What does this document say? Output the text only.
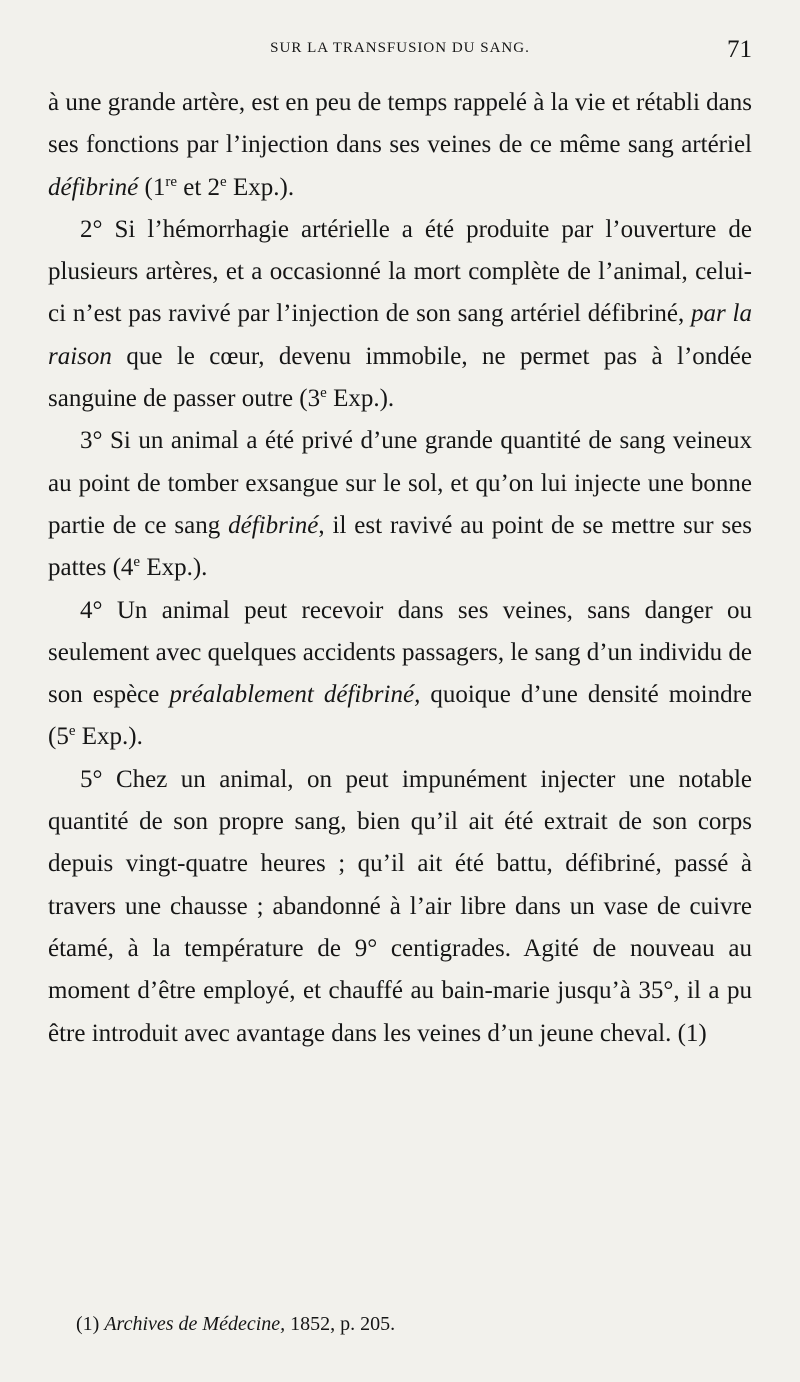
SUR LA TRANSFUSION DU SANG.	71

à une grande artère, est en peu de temps rappelé à la vie et rétabli dans ses fonctions par l’injection dans ses veines de ce même sang artériel défibriné (1re et 2e Exp.).

2° Si l’hémorrhagie artérielle a été produite par l’ouverture de plusieurs artères, et a occasionné la mort complète de l’animal, celui-ci n’est pas ravivé par l’injection de son sang artériel défibriné, par la raison que le cœur, devenu immobile, ne permet pas à l’ondée sanguine de passer outre (3e Exp.).

3° Si un animal a été privé d’une grande quantité de sang veineux au point de tomber exsangue sur le sol, et qu’on lui injecte une bonne partie de ce sang défibriné, il est ravivé au point de se mettre sur ses pattes (4e Exp.).

4° Un animal peut recevoir dans ses veines, sans danger ou seulement avec quelques accidents passagers, le sang d’un individu de son espèce préalablement défibriné, quoique d’une densité moindre (5e Exp.).

5° Chez un animal, on peut impunément injecter une notable quantité de son propre sang, bien qu’il ait été extrait de son corps depuis vingt-quatre heures ; qu’il ait été battu, défibriné, passé à travers une chausse ; abandonné à l’air libre dans un vase de cuivre étamé, à la température de 9° centigrades. Agité de nouveau au moment d’être employé, et chauffé au bain-marie jusqu’à 35°, il a pu être introduit avec avantage dans les veines d’un jeune cheval. (1)

(1) Archives de Médecine, 1852, p. 205.
